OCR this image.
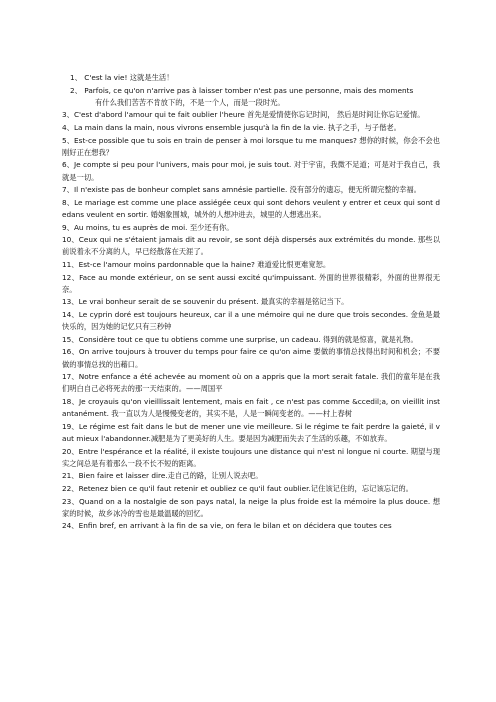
1、 C'est la vie! 这就是生活！
2、 Parfois, ce qu'on n'arrive pas à laisser tomber n'est pas une personne, mais des moments
有什么我们苦苦不肯放下的，不是一个人，而是一段时光。
3、C'est d'abord l'amour qui te fait oublier l'heure 首先是爱情使你忘记时间， 然后是时间让你忘记爱情。
4、La main dans la main, nous vivrons ensemble jusqu'à la fin de la vie. 执子之手，与子偕老。
5、Est-ce possible que tu sois en train de penser à moi lorsque tu me manques? 想你的时候，你会不会也刚好正在想我？
6、Je compte si peu pour l'univers, mais pour moi, je suis tout. 对于宇宙，我微不足道；可是对于我自己，我就是一切。
7、Il n'existe pas de bonheur complet sans amnésie partielle. 没有部分的遗忘，便无所谓完整的幸福。
8、Le mariage est comme une place assiégée ceux qui sont dehors veulent y entrer et ceux qui sont dedans veulent en sortir. 婚姻象围城，城外的人想冲进去，城里的人想逃出来。
9、Au moins, tu es auprès de moi. 至少还有你。
10、Ceux qui ne s'étaient jamais dit au revoir, se sont déjà dispersés aux extrémités du monde. 那些以前说着永不分离的人，早已经散落在天涯了。
11、Est-ce l'amour moins pardonnable que la haine? 难道爱比恨更难宽恕。
12、Face au monde extérieur, on se sent aussi excité qu'impuissant. 外面的世界很精彩，外面的世界很无奈。
13、Le vrai bonheur serait de se souvenir du présent. 最真实的幸福是铭记当下。
14、Le cyprin doré est toujours heureux, car il a une mémoire qui ne dure que trois secondes. 金鱼是最快乐的，因为她的记忆只有三秒钟
15、Considère tout ce que tu obtiens comme une surprise, un cadeau. 得到的就是惊喜，就是礼物。
16、On arrive toujours à trouver du temps pour faire ce qu'on aime 要做的事情总找得出时间和机会；不要做的事情总找的出藉口。
17、Notre enfance a été achevée au moment où on a appris que la mort serait fatale. 我们的童年是在我们明白自己必将死去的那一天结束的。——周国平
18、Je croyauis qu'on vieillissait lentement, mais en fait , ce n'est pas comme &ccedil;a, on vieillit instantanément. 我一直以为人是慢慢变老的，其实不是，人是一瞬间变老的。——村上春树
19、Le régime est fait dans le but de mener une vie meilleure. Si le régime te fait perdre la gaieté, il vaut mieux l'abandonner.减肥是为了更美好的人生。要是因为减肥而失去了生活的乐趣，不如放弃。
20、Entre l'espérance et la réalité, il existe toujours une distance qui n'est ni longue ni courte. 期望与现实之间总是有着那么一段不长不短的距离。
21、Bien faire et laisser dire.走自己的路，让别人说去吧。
22、Retenez bien ce qu'il faut retenir et oubliez ce qu'il faut oublier.记住该记住的，忘记该忘记的。
23、Quand on a la nostalgie de son pays natal, la neige la plus froide est la mémoire la plus douce. 想家的时候，故乡冰冷的雪也是最温暖的回忆。
24、Enfin bref, en arrivant à la fin de sa vie, on fera le bilan et on décidera que toutes ces
